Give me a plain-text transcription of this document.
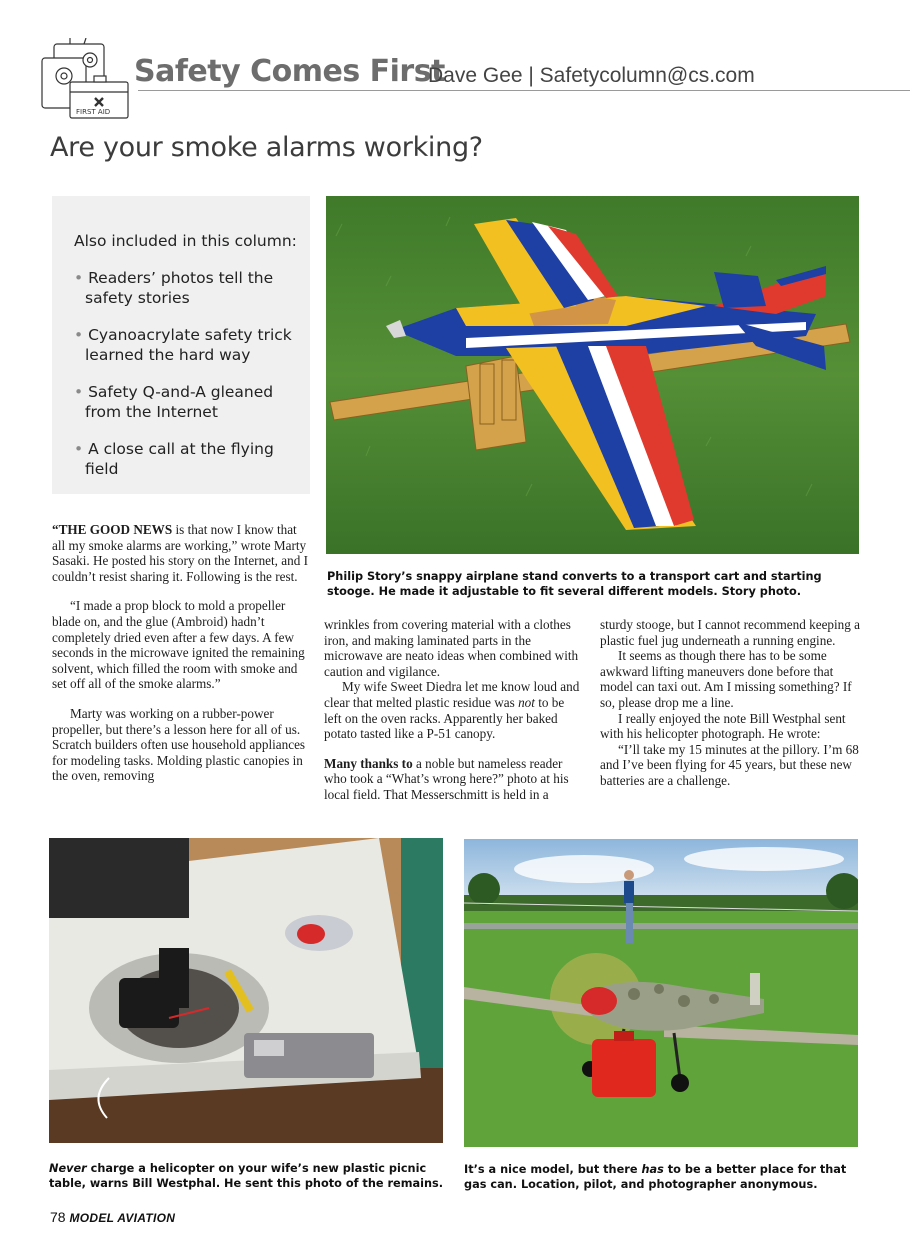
FIRST AID
Safety Comes First
Dave Gee | Safetycolumn@cs.com
Are your smoke alarms working?
Also included in this column:
• Readers’ photos tell the safety stories
• Cyanoacrylate safety trick learned the hard way
• Safety Q-and-A gleaned from the Internet
• A close call at the flying field
Philip Story’s snappy airplane stand converts to a transport cart and starting stooge. He made it adjustable to fit several different models. Story photo.

“THE GOOD NEWS is that now I know that all my smoke alarms are working,” wrote Marty Sasaki. He posted his story on the Internet, and I couldn’t resist sharing it. Following is the rest.

“I made a prop block to mold a propeller blade on, and the glue (Ambroid) hadn’t completely dried even after a few days. A few seconds in the microwave ignited the remaining solvent, which filled the room with smoke and set off all of the smoke alarms.”

Marty was working on a rubber-power propeller, but there’s a lesson here for all of us. Scratch builders often use household appliances for modeling tasks. Molding plastic canopies in the oven, removing

wrinkles from covering material with a clothes iron, and making laminated parts in the microwave are neato ideas when combined with caution and vigilance.

My wife Sweet Diedra let me know loud and clear that melted plastic residue was not to be left on the oven racks. Apparently her baked potato tasted like a P-51 canopy.

Many thanks to a noble but nameless reader who took a “What’s wrong here?” photo at his local field. That Messerschmitt is held in a

sturdy stooge, but I cannot recommend keeping a plastic fuel jug underneath a running engine.

It seems as though there has to be some awkward lifting maneuvers done before that model can taxi out. Am I missing something? If so, please drop me a line.

I really enjoyed the note Bill Westphal sent with his helicopter photograph. He wrote:

“I’ll take my 15 minutes at the pillory. I’m 68 and I’ve been flying for 45 years, but these new batteries are a challenge.

Never charge a helicopter on your wife’s new plastic picnic table, warns Bill Westphal. He sent this photo of the remains.
It’s a nice model, but there has to be a better place for that gas can. Location, pilot, and photographer anonymous.
78 MODEL AVIATION
